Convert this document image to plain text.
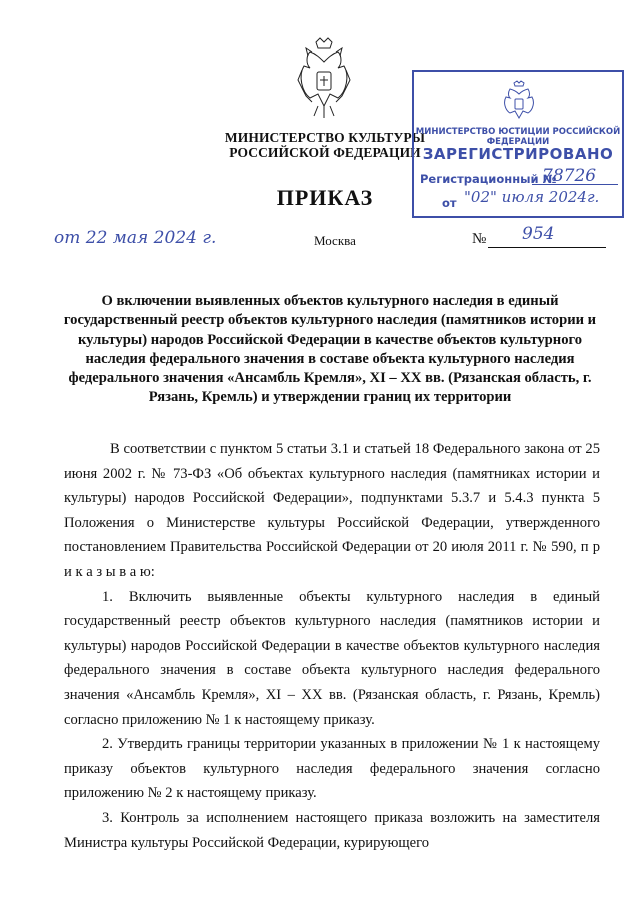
МИНИСТЕРСТВО КУЛЬТУРЫ
РОССИЙСКОЙ ФЕДЕРАЦИИ
ПРИКАЗ
МИНИСТЕРСТВО ЮСТИЦИИ РОССИЙСКОЙ ФЕДЕРАЦИИ
ЗАРЕГИСТРИРОВАНО
Регистрационный №
78726
от "02" июля 2024г.
от 22 мая 2024 г.	Москва	№ 954
О включении выявленных объектов культурного наследия в единый государственный реестр объектов культурного наследия (памятников истории и культуры) народов Российской Федерации в качестве объектов культурного наследия федерального значения в составе объекта культурного наследия федерального значения «Ансамбль Кремля», XI – XX вв. (Рязанская область, г. Рязань, Кремль) и утверждении границ их территории

В соответствии с пунктом 5 статьи 3.1 и статьей 18 Федерального закона от 25 июня 2002 г. № 73-ФЗ «Об объектах культурного наследия (памятниках истории и культуры) народов Российской Федерации», подпунктами 5.3.7 и 5.4.3 пункта 5 Положения о Министерстве культуры Российской Федерации, утвержденного постановлением Правительства Российской Федерации от 20 июля 2011 г. № 590, п р и к а з ы в а ю:

1. Включить выявленные объекты культурного наследия в единый государственный реестр объектов культурного наследия (памятников истории и культуры) народов Российской Федерации в качестве объектов культурного наследия федерального значения в составе объекта культурного наследия федерального значения «Ансамбль Кремля», XI – XX вв. (Рязанская область, г. Рязань, Кремль) согласно приложению № 1 к настоящему приказу.

2. Утвердить границы территории указанных в приложении № 1 к настоящему приказу объектов культурного наследия федерального значения согласно приложению № 2 к настоящему приказу.

3. Контроль за исполнением настоящего приказа возложить на заместителя Министра культуры Российской Федерации, курирующего
